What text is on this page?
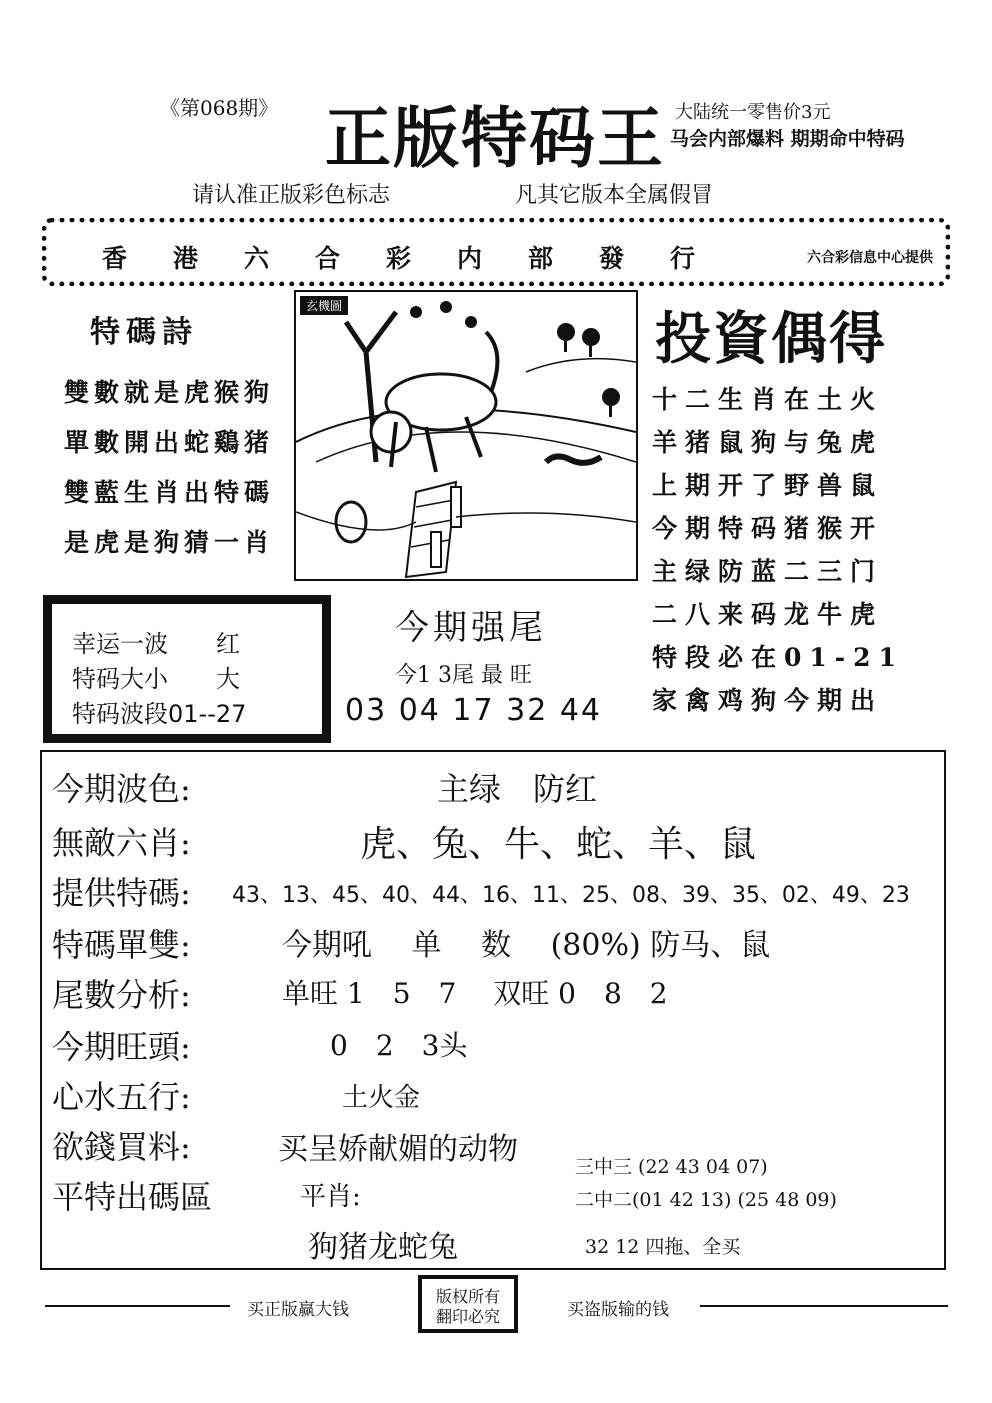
《第068期》 正版特码王 大陆统一零售价3元
马会内部爆料 期期命中特码
请认准正版彩色标志	凡其它版本全属假冒
香港六合彩内部發行	六合彩信息中心提供
特碼詩
雙數就是虎猴狗
單數開出蛇鷄猪
雙藍生肖出特碼
是虎是狗猜一肖
玄機圖	投資偶得
十二生肖在土火
羊猪鼠狗与兔虎
上期开了野兽鼠
今期特码猪猴开
主绿防蓝二三门
二八来码龙牛虎
特段必在01-21
家禽鸡狗今期出
幸运一波　　红
特码大小　　大
特码波段01--27
今期强尾
今1 3尾 最 旺
03 04 17 32 44
今期波色:	主绿　防红
無敵六肖:	虎、兔、牛、蛇、羊、鼠
提供特碼: 43、13、45、40、44、16、11、25、08、39、35、02、49、23
特碼單雙:	今期吼　 单　 数　 (80%) 防马、鼠
尾數分析:	单旺 1　5　7　 双旺 0　8　2
今期旺頭:	0　2　3头
心水五行:	土火金
欲錢買料:	买呈娇献媚的动物
平特出碼區	平肖:
狗猪龙蛇兔
三中三 (22 43 04 07)
二中二(01 42 13) (25 48 09)
32 12 四拖、全买
买正版赢大钱
版权所有
翻印必究	买盗版输的钱
